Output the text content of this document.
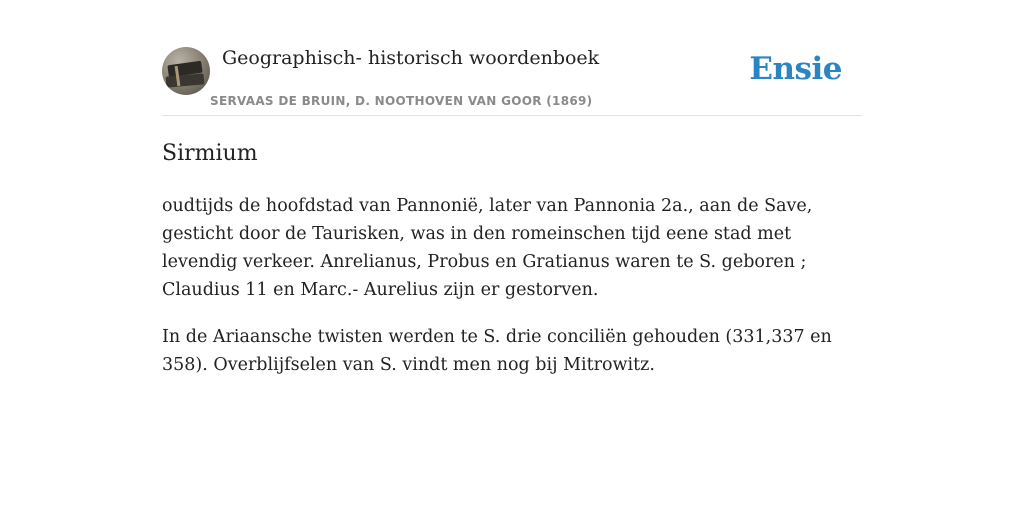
Geographisch- historisch woordenboek
SERVAAS DE BRUIN, D. NOOTHOVEN VAN GOOR (1869)
Ensie
Sirmium

oudtijds de hoofdstad van Pannonië, later van Pannonia 2a., aan de Save, gesticht door de Taurisken, was in den romeinschen tijd eene stad met levendig verkeer. Anrelianus, Probus en Gratianus waren te S. geboren ; Claudius 11 en Marc.- Aurelius zijn er gestorven.

In de Ariaansche twisten werden te S. drie conciliën gehouden (331,337 en 358). Overblijfselen van S. vindt men nog bij Mitrowitz.
